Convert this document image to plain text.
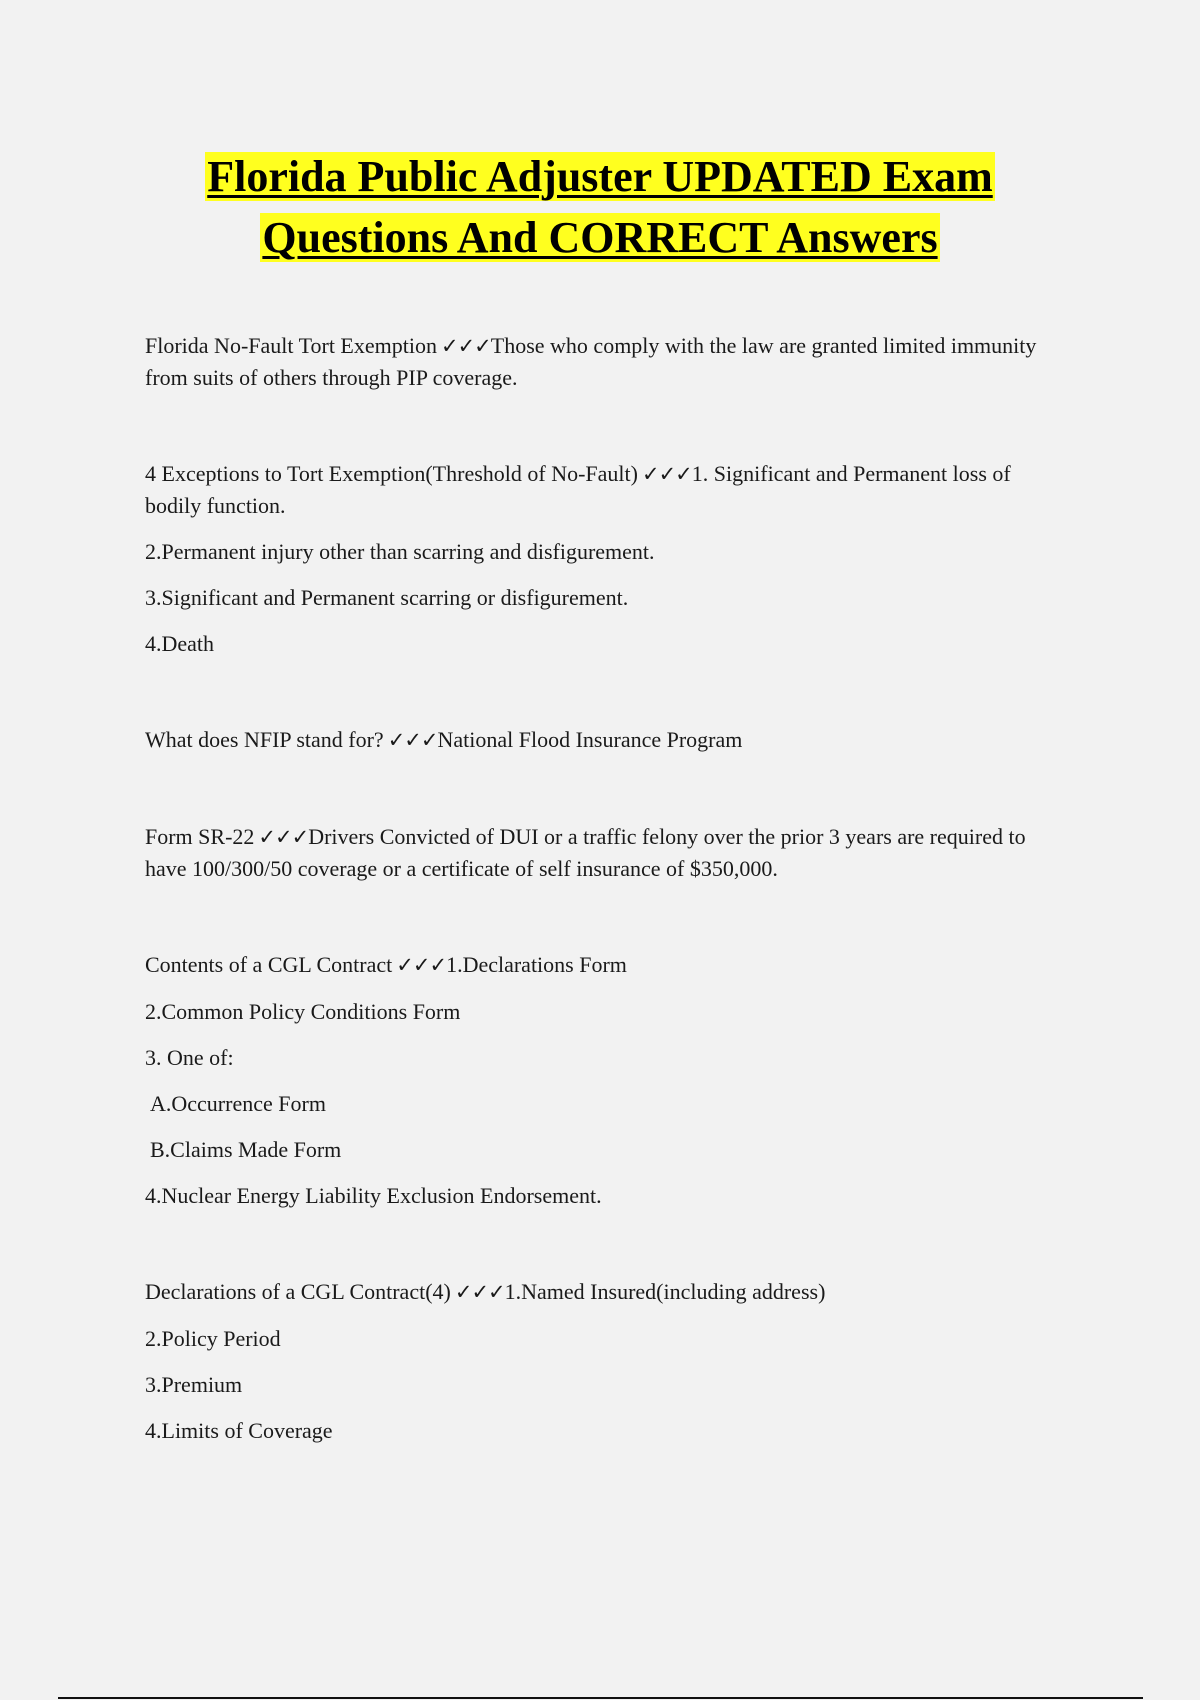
Florida Public Adjuster UPDATED Exam
Questions And CORRECT Answers
Florida No-Fault Tort Exemption ✓✓✓Those who comply with the law are granted limited immunity from suits of others through PIP coverage.
4 Exceptions to Tort Exemption(Threshold of No-Fault) ✓✓✓1. Significant and Permanent loss of bodily function.
2.Permanent injury other than scarring and disfigurement.
3.Significant and Permanent scarring or disfigurement.
4.Death
What does NFIP stand for? ✓✓✓National Flood Insurance Program
Form SR-22 ✓✓✓Drivers Convicted of DUI or a traffic felony over the prior 3 years are required to have 100/300/50 coverage or a certificate of self insurance of $350,000.
Contents of a CGL Contract ✓✓✓1.Declarations Form
2.Common Policy Conditions Form
3. One of:
A.Occurrence Form
B.Claims Made Form
4.Nuclear Energy Liability Exclusion Endorsement.
Declarations of a CGL Contract(4) ✓✓✓1.Named Insured(including address)
2.Policy Period
3.Premium
4.Limits of Coverage
